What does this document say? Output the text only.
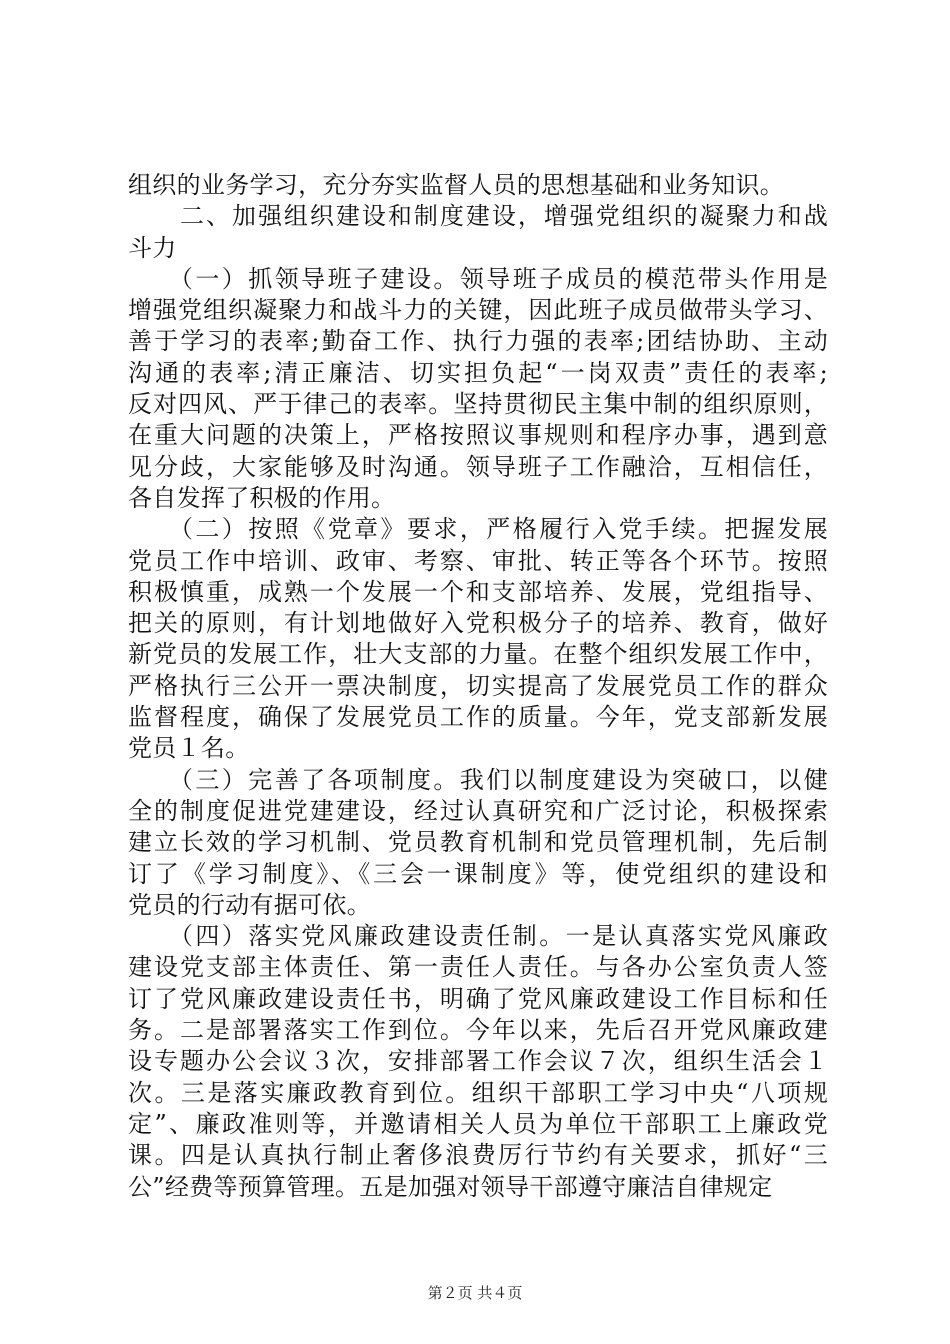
组织的业务学习，充分夯实监督人员的思想基础和业务知识。
　　二、加强组织建设和制度建设，增强党组织的凝聚力和战
斗力
　　（一）抓领导班子建设。领导班子成员的模范带头作用是
增强党组织凝聚力和战斗力的关键，因此班子成员做带头学习、
善于学习的表率;勤奋工作、执行力强的表率;团结协助、主动
沟通的表率;清正廉洁、切实担负起“一岗双责”责任的表率;
反对四风、严于律己的表率。坚持贯彻民主集中制的组织原则，
在重大问题的决策上，严格按照议事规则和程序办事，遇到意
见分歧，大家能够及时沟通。领导班子工作融洽，互相信任，
各自发挥了积极的作用。
　　（二）按照《党章》要求，严格履行入党手续。把握发展
党员工作中培训、政审、考察、审批、转正等各个环节。按照
积极慎重，成熟一个发展一个和支部培养、发展，党组指导、
把关的原则，有计划地做好入党积极分子的培养、教育，做好
新党员的发展工作，壮大支部的力量。在整个组织发展工作中，
严格执行三公开一票决制度，切实提高了发展党员工作的群众
监督程度，确保了发展党员工作的质量。今年，党支部新发展
党员１名。
　　（三）完善了各项制度。我们以制度建设为突破口，以健
全的制度促进党建建设，经过认真研究和广泛讨论，积极探索
建立长效的学习机制、党员教育机制和党员管理机制，先后制
订了《学习制度》、《三会一课制度》等，使党组织的建设和
党员的行动有据可依。
　　（四）落实党风廉政建设责任制。一是认真落实党风廉政
建设党支部主体责任、第一责任人责任。与各办公室负责人签
订了党风廉政建设责任书，明确了党风廉政建设工作目标和任
务。二是部署落实工作到位。今年以来，先后召开党风廉政建
设专题办公会议３次，安排部署工作会议７次，组织生活会１
次。三是落实廉政教育到位。组织干部职工学习中央“八项规
定”、廉政准则等，并邀请相关人员为单位干部职工上廉政党
课。四是认真执行制止奢侈浪费厉行节约有关要求，抓好“三
公”经费等预算管理。五是加强对领导干部遵守廉洁自律规定
第２页 共４页
